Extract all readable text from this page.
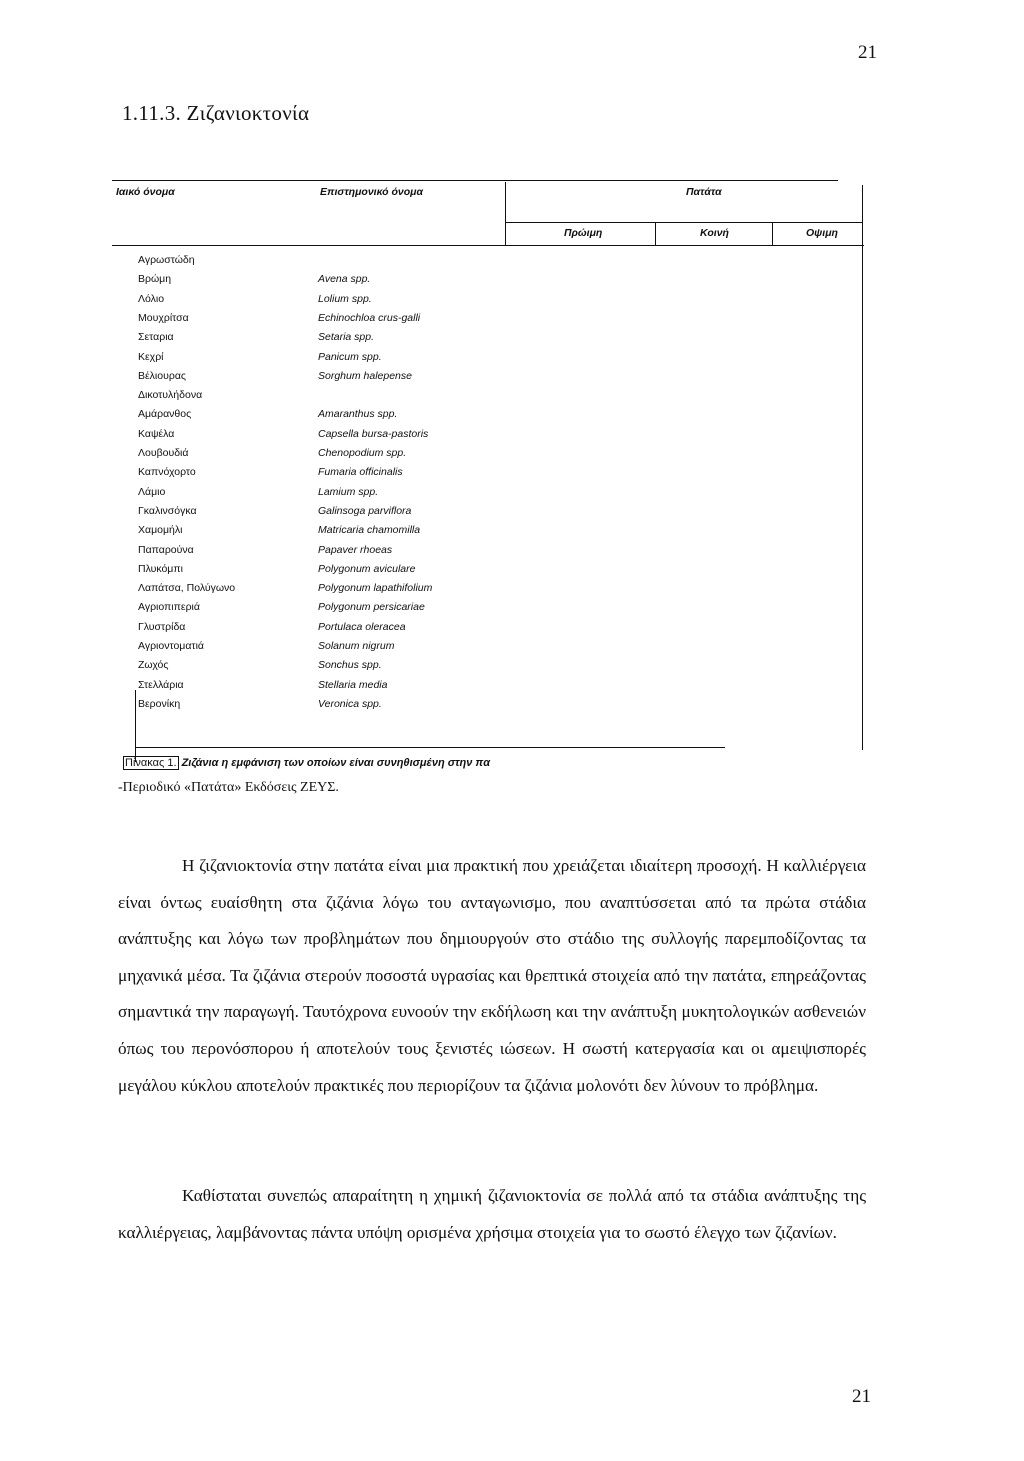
21
1.11.3. Ζιζανιοκτονία
Ιαικό όνομα	Επιστημονικό όνομα	Πατάτα
Πρώιμη	Κοινή	Οψιμη
Αγρωστώδη
Βρώμη	Avena spp.
Λόλιο	Lolium spp.
Μουχρίτσα	Echinochloa crus-galli
Σεταρια	Setaria spp.
Κεχρί	Panicum spp.
Βέλιουρας	Sorghum halepense
Δικοτυλήδονα
Αμάρανθος	Amaranthus spp.
Καψέλα	Capsella bursa-pastoris
Λουβουδιά	Chenopodium spp.
Καπνόχορτο	Fumaria officinalis
Λάμιο	Lamium spp.
Γκαλινσόγκα	Galinsoga parviflora
Χαμομήλι	Matricaria chamomilla
Παπαρούνα	Papaver rhoeas
Πλυκόμπι	Polygonum aviculare
Λαπάτσα, Πολύγωνο	Polygonum lapathifolium
Αγριοπιπεριά	Polygonum persicariae
Γλυστρίδα	Portulaca oleracea
Αγριοντοματιά	Solanum nigrum
Ζωχός	Sonchus spp.
Στελλάρια	Stellaria media
Βερονίκη	Veronica spp.
Πίνακας 1. Ζιζάνια η εμφάνιση των οποίων είναι συνηθισμένη στην πα
-Περιοδικό «Πατάτα» Εκδόσεις ΖΕΥΣ.
Η ζιζανιοκτονία στην πατάτα είναι μια πρακτική που χρειάζεται ιδιαίτερη προσοχή. Η καλλιέργεια είναι όντως ευαίσθητη στα ζιζάνια λόγω του ανταγωνισμο, που αναπτύσσεται από τα πρώτα στάδια ανάπτυξης και λόγω των προβλημάτων που δημιουργούν στο στάδιο της συλλογής παρεμποδίζοντας τα μηχανικά μέσα. Τα ζιζάνια στερούν ποσοστά υγρασίας και θρεπτικά στοιχεία από την πατάτα, επηρεάζοντας σημαντικά την παραγωγή. Ταυτόχρονα ευνοούν την εκδήλωση και την ανάπτυξη μυκητολογικών ασθενειών όπως του περονόσπορου ή αποτελούν τους ξενιστές ιώσεων. Η σωστή κατεργασία και οι αμειψισπορές μεγάλου κύκλου αποτελούν πρακτικές που περιορίζουν τα ζιζάνια μολονότι δεν λύνουν το πρόβλημα.
Καθίσταται συνεπώς απαραίτητη η χημική ζιζανιοκτονία σε πολλά από τα στάδια ανάπτυξης της καλλιέργειας, λαμβάνοντας πάντα υπόψη ορισμένα χρήσιμα στοιχεία για το σωστό έλεγχο των ζιζανίων.
21
